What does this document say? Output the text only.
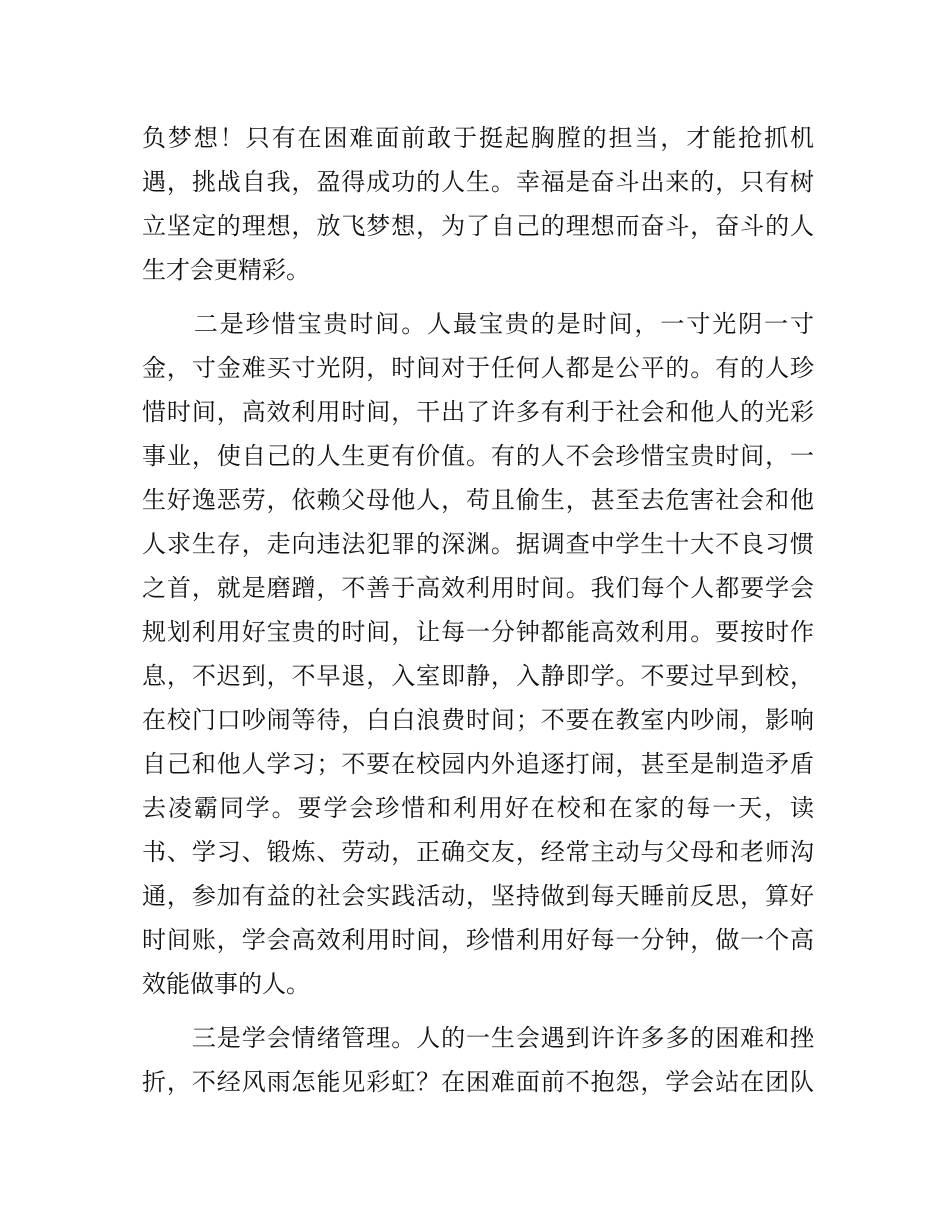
负梦想！只有在困难面前敢于挺起胸膛的担当，才能抢抓机
遇，挑战自我，盈得成功的人生。幸福是奋斗出来的，只有树
立坚定的理想，放飞梦想，为了自己的理想而奋斗，奋斗的人
生才会更精彩。

　　二是珍惜宝贵时间。人最宝贵的是时间，一寸光阴一寸
金，寸金难买寸光阴，时间对于任何人都是公平的。有的人珍
惜时间，高效利用时间，干出了许多有利于社会和他人的光彩
事业，使自己的人生更有价值。有的人不会珍惜宝贵时间，一
生好逸恶劳，依赖父母他人，苟且偷生，甚至去危害社会和他
人求生存，走向违法犯罪的深渊。据调查中学生十大不良习惯
之首，就是磨蹭，不善于高效利用时间。我们每个人都要学会
规划利用好宝贵的时间，让每一分钟都能高效利用。要按时作
息，不迟到，不早退，入室即静，入静即学。不要过早到校，
在校门口吵闹等待，白白浪费时间；不要在教室内吵闹，影响
自己和他人学习；不要在校园内外追逐打闹，甚至是制造矛盾
去凌霸同学。要学会珍惜和利用好在校和在家的每一天，读
书、学习、锻炼、劳动，正确交友，经常主动与父母和老师沟
通，参加有益的社会实践活动，坚持做到每天睡前反思，算好
时间账，学会高效利用时间，珍惜利用好每一分钟，做一个高
效能做事的人。

　　三是学会情绪管理。人的一生会遇到许许多多的困难和挫
折，不经风雨怎能见彩虹？在困难面前不抱怨，学会站在团队
